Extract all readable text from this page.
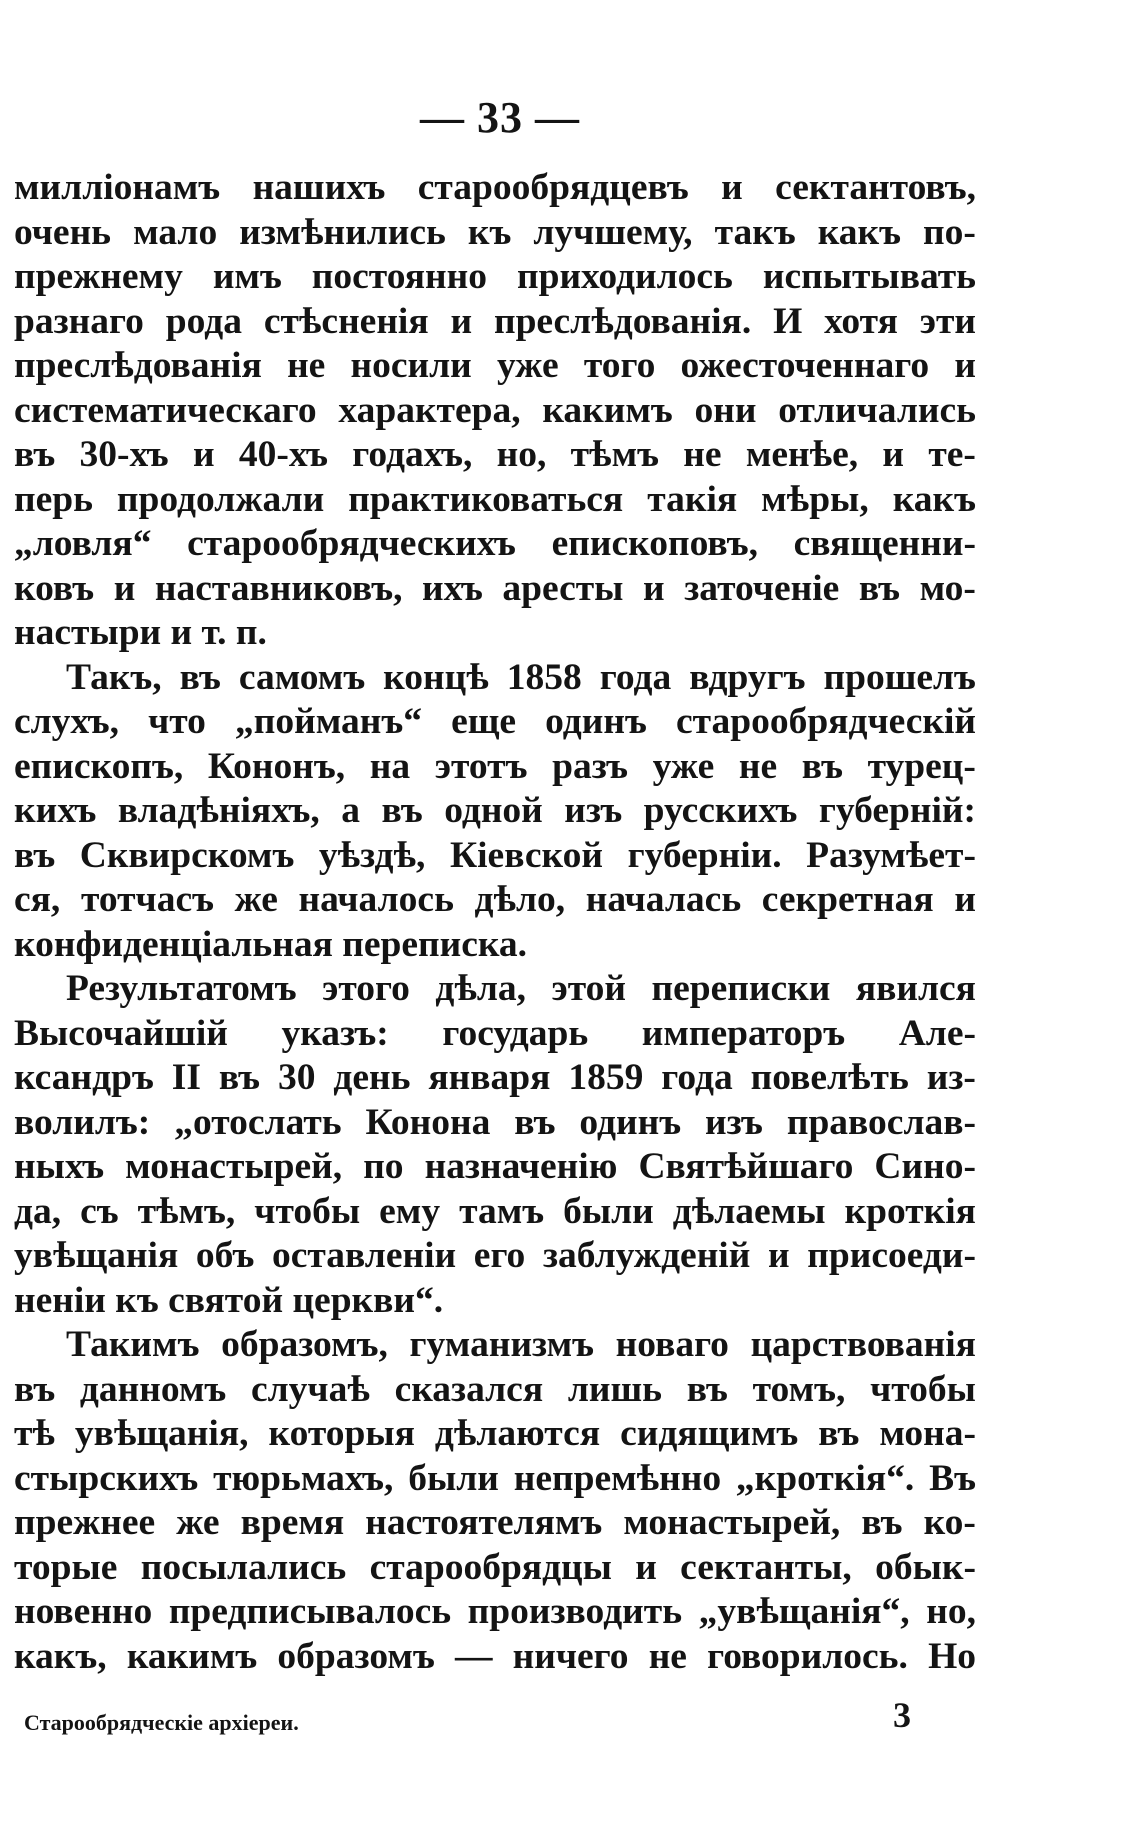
— 33 —
милліонамъ нашихъ старообрядцевъ и сектантовъ,
очень мало измѣнились къ лучшему, такъ какъ по-
прежнему имъ постоянно приходилось испытывать
разнаго рода стѣсненія и преслѣдованія. И хотя эти
преслѣдованія не носили уже того ожесточеннаго и
систематическаго характера, какимъ они отличались
въ 30-хъ и 40-хъ годахъ, но, тѣмъ не менѣе, и те-
перь продолжали практиковаться такія мѣры, какъ
„ловля“ старообрядческихъ епископовъ, священни-
ковъ и наставниковъ, ихъ аресты и заточеніе въ мо-
настыри и т. п.
Такъ, въ самомъ концѣ 1858 года вдругъ прошелъ
слухъ, что „пойманъ“ еще одинъ старообрядческій
епископъ, Кононъ, на этотъ разъ уже не въ турец-
кихъ владѣніяхъ, а въ одной изъ русскихъ губерній:
въ Сквирскомъ уѣздѣ, Кіевской губерніи. Разумѣет-
ся, тотчасъ же началось дѣло, началась секретная и
конфиденціальная переписка.
Результатомъ этого дѣла, этой переписки явился
Высочайшій указъ: государь императоръ Але-
ксандръ II въ 30 день января 1859 года повелѣть из-
волилъ: „отослать Конона въ одинъ изъ православ-
ныхъ монастырей, по назначенію Святѣйшаго Сино-
да, съ тѣмъ, чтобы ему тамъ были дѣлаемы кроткія
увѣщанія объ оставленіи его заблужденій и присоеди-
неніи къ святой церкви“.
Такимъ образомъ, гуманизмъ новаго царствованія
въ данномъ случаѣ сказался лишь въ томъ, чтобы
тѣ увѣщанія, которыя дѣлаются сидящимъ въ мона-
стырскихъ тюрьмахъ, были непремѣнно „кроткія“. Въ
прежнее же время настоятелямъ монастырей, въ ко-
торые посылались старообрядцы и сектанты, обык-
новенно предписывалось производить „увѣщанія“, но,
какъ, какимъ образомъ — ничего не говорилось. Но
Старообрядческіе архіереи.	3
